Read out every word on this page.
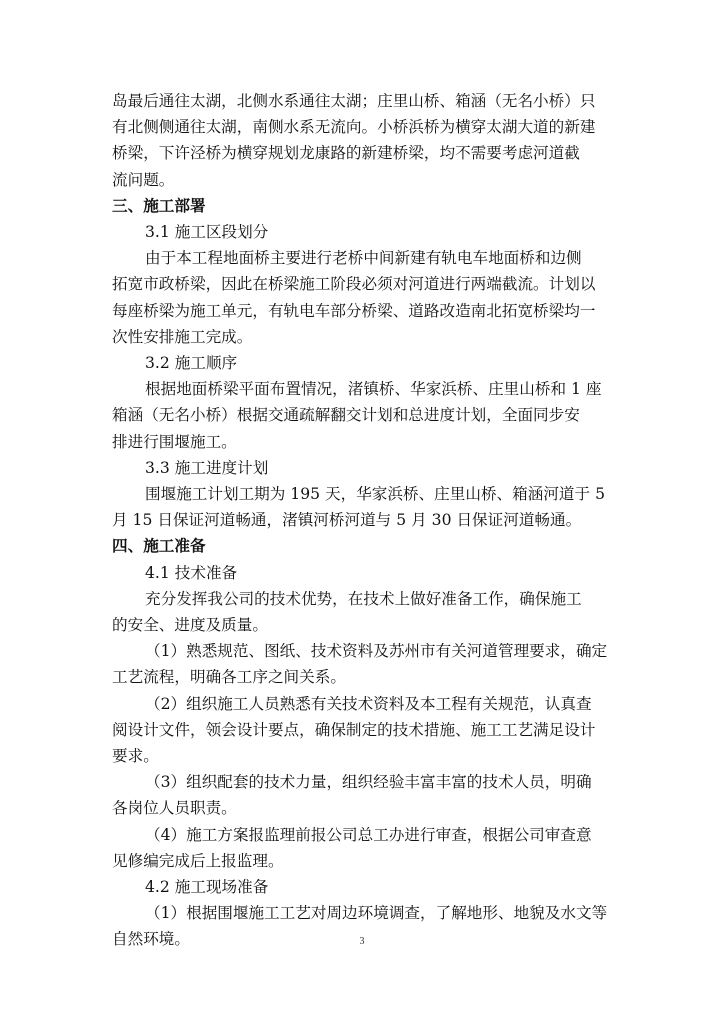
岛最后通往太湖，北侧水系通往太湖；庄里山桥、箱涵（无名小桥）只
有北侧侧通往太湖，南侧水系无流向。小桥浜桥为横穿太湖大道的新建
桥梁，下许泾桥为横穿规划龙康路的新建桥梁，均不需要考虑河道截
流问题。
三、施工部署
3.1 施工区段划分
由于本工程地面桥主要进行老桥中间新建有轨电车地面桥和边侧
拓宽市政桥梁，因此在桥梁施工阶段必须对河道进行两端截流。计划以
每座桥梁为施工单元，有轨电车部分桥梁、道路改造南北拓宽桥梁均一
次性安排施工完成。
3.2 施工顺序
根据地面桥梁平面布置情况，渚镇桥、华家浜桥、庄里山桥和 1 座
箱涵（无名小桥）根据交通疏解翻交计划和总进度计划，全面同步安
排进行围堰施工。
3.3 施工进度计划
围堰施工计划工期为 195 天，华家浜桥、庄里山桥、箱涵河道于 5
月 15 日保证河道畅通，渚镇河桥河道与 5 月 30 日保证河道畅通。
四、施工准备
4.1 技术准备
充分发挥我公司的技术优势，在技术上做好准备工作，确保施工
的安全、进度及质量。
（1）熟悉规范、图纸、技术资料及苏州市有关河道管理要求，确定
工艺流程，明确各工序之间关系。
（2）组织施工人员熟悉有关技术资料及本工程有关规范，认真查
阅设计文件，领会设计要点，确保制定的技术措施、施工工艺满足设计
要求。
（3）组织配套的技术力量，组织经验丰富丰富的技术人员，明确
各岗位人员职责。
（4）施工方案报监理前报公司总工办进行审查，根据公司审查意
见修编完成后上报监理。
4.2 施工现场准备
（1）根据围堰施工工艺对周边环境调查，了解地形、地貌及水文等
自然环境。	3
